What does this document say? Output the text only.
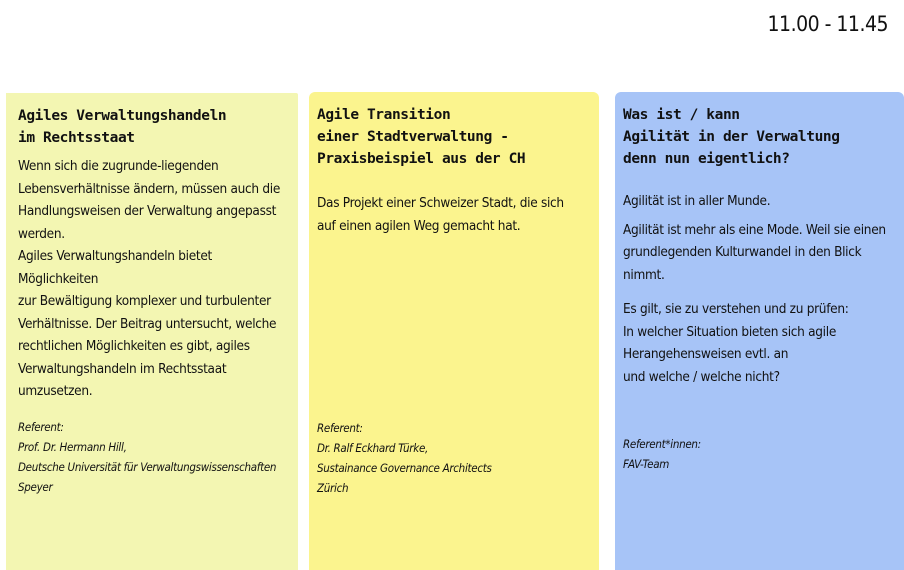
11.00 - 11.45
Agiles Verwaltungshandeln
im Rechtsstaat
Wenn sich die zugrunde-liegenden
Lebensverhältnisse ändern, müssen auch die
Handlungsweisen der Verwaltung angepasst
werden.
Agiles Verwaltungshandeln bietet Möglichkeiten
zur Bewältigung komplexer und turbulenter
Verhältnisse. Der Beitrag untersucht, welche
rechtlichen Möglichkeiten es gibt, agiles
Verwaltungshandeln im Rechtsstaat
umzusetzen.
Referent:
Prof. Dr. Hermann Hill,
Deutsche Universität für Verwaltungswissenschaften
Speyer
Agile Transition
einer Stadtverwaltung -
Praxisbeispiel aus der CH
Das Projekt einer Schweizer Stadt, die sich
auf einen agilen Weg gemacht hat.
Referent:
Dr. Ralf Eckhard Türke,
Sustainance Governance Architects
Zürich
Was ist / kann
Agilität in der Verwaltung
denn nun eigentlich?
Agilität ist in aller Munde.
Agilität ist mehr als eine Mode. Weil sie einen
grundlegenden Kulturwandel in den Blick
nimmt.
Es gilt, sie zu verstehen und zu prüfen:
In welcher Situation bieten sich agile
Herangehensweisen evtl. an
und welche / welche nicht?
Referent*innen:
FAV-Team
